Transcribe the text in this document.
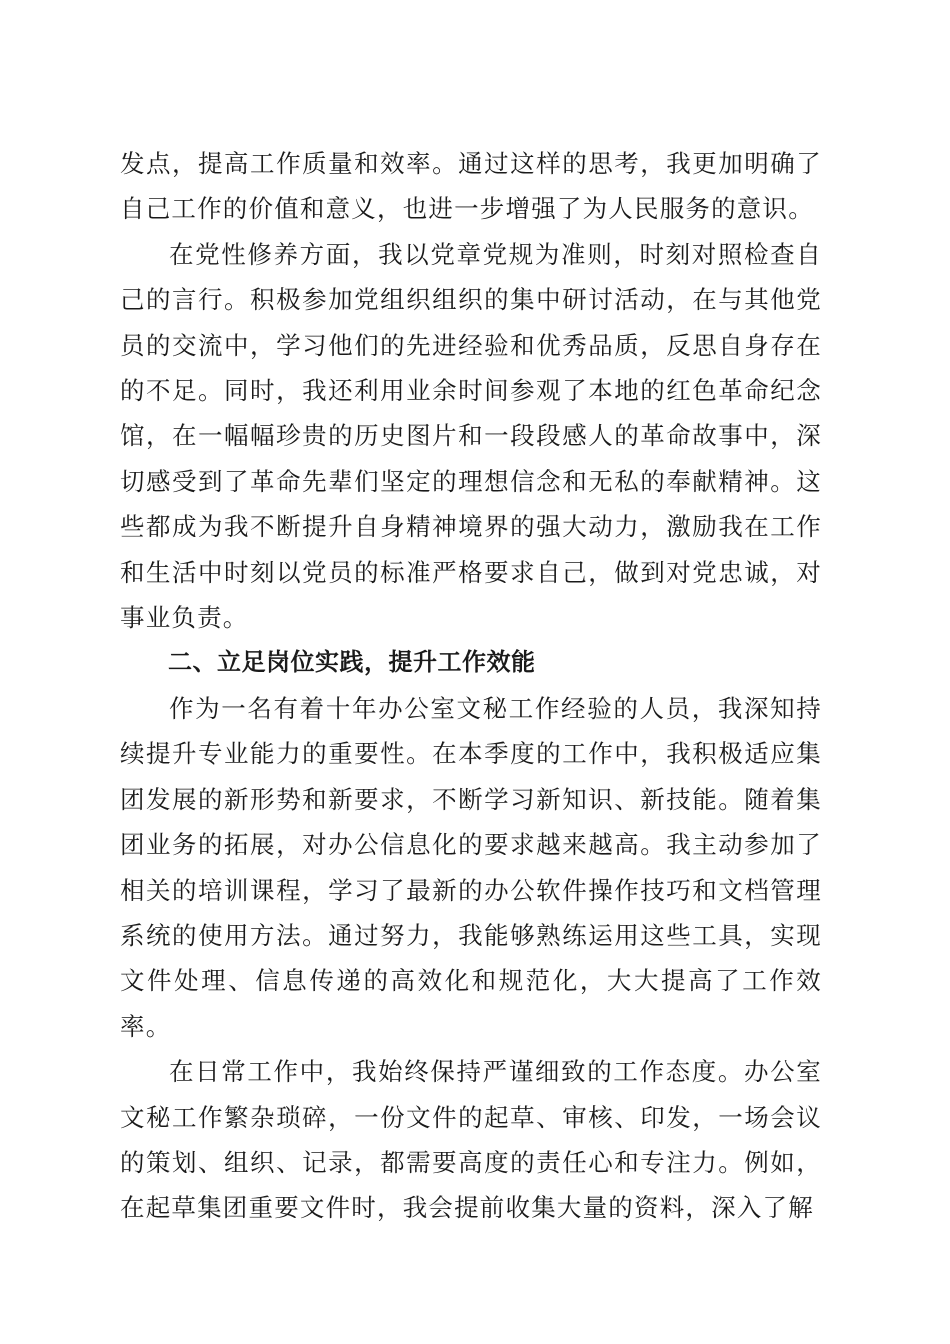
发点，提高工作质量和效率。通过这样的思考，我更加明确了自己工作的价值和意义，也进一步增强了为人民服务的意识。

在党性修养方面，我以党章党规为准则，时刻对照检查自己的言行。积极参加党组织组织的集中研讨活动，在与其他党员的交流中，学习他们的先进经验和优秀品质，反思自身存在的不足。同时，我还利用业余时间参观了本地的红色革命纪念馆，在一幅幅珍贵的历史图片和一段段感人的革命故事中，深切感受到了革命先辈们坚定的理想信念和无私的奉献精神。这些都成为我不断提升自身精神境界的强大动力，激励我在工作和生活中时刻以党员的标准严格要求自己，做到对党忠诚，对事业负责。

二、立足岗位实践，提升工作效能

作为一名有着十年办公室文秘工作经验的人员，我深知持续提升专业能力的重要性。在本季度的工作中，我积极适应集团发展的新形势和新要求，不断学习新知识、新技能。随着集团业务的拓展，对办公信息化的要求越来越高。我主动参加了相关的培训课程，学习了最新的办公软件操作技巧和文档管理系统的使用方法。通过努力，我能够熟练运用这些工具，实现文件处理、信息传递的高效化和规范化，大大提高了工作效率。

在日常工作中，我始终保持严谨细致的工作态度。办公室文秘工作繁杂琐碎，一份文件的起草、审核、印发，一场会议的策划、组织、记录，都需要高度的责任心和专注力。例如，在起草集团重要文件时，我会提前收集大量的资料，深入了解
